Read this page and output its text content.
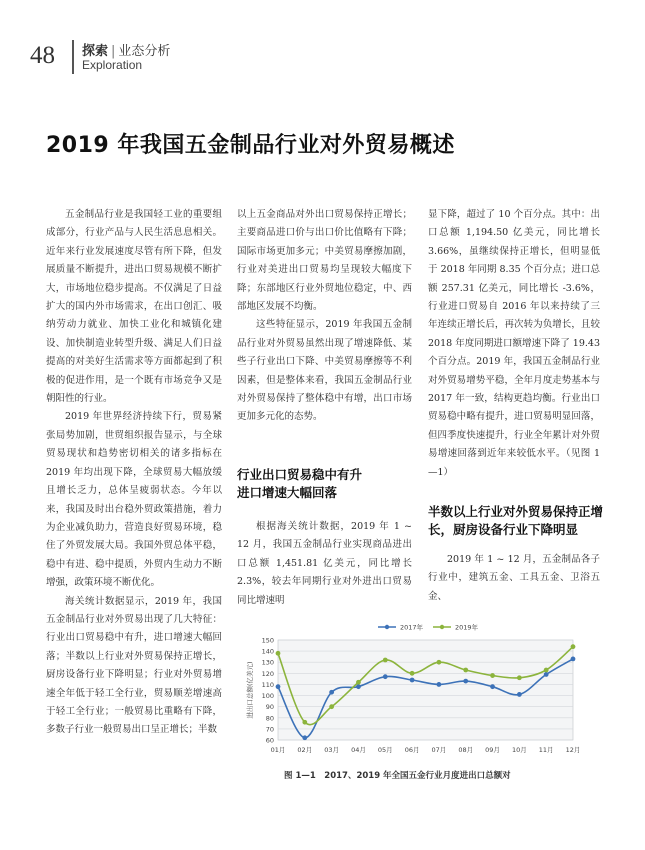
48 探索 | 业态分析
Exploration
2019 年我国五金制品行业对外贸易概述

五金制品行业是我国轻工业的重要组成部分，行业产品与人民生活息息相关。近年来行业发展速度尽管有所下降，但发展质量不断提升，进出口贸易规模不断扩大，市场地位稳步提高。不仅满足了日益扩大的国内外市场需求，在出口创汇、吸纳劳动力就业、加快工业化和城镇化建设、加快制造业转型升级、满足人们日益提高的对美好生活需求等方面都起到了积极的促进作用，是一个既有市场竞争又是朝阳性的行业。

2019 年世界经济持续下行，贸易紧张局势加剧，世贸组织报告显示，与全球贸易现状和趋势密切相关的诸多指标在 2019 年均出现下降，全球贸易大幅放缓且增长乏力，总体呈疲弱状态。今年以来，我国及时出台稳外贸政策措施，着力为企业减负助力，营造良好贸易环境，稳住了外贸发展大局。我国外贸总体平稳，稳中有进、稳中提质，外贸内生动力不断增强，政策环境不断优化。

海关统计数据显示，2019 年，我国五金制品行业对外贸易出现了几大特征：行业出口贸易稳中有升，进口增速大幅回落；半数以上行业对外贸易保持正增长，厨房设备行业下降明显；行业对外贸易增速全年低于轻工全行业，贸易顺差增速高于轻工全行业；一般贸易比重略有下降，多数子行业一般贸易出口呈正增长；半数

以上五金商品对外出口贸易保持正增长；主要商品进口价与出口价比值略有下降；国际市场更加多元；中美贸易摩擦加剧，行业对美进出口贸易均呈现较大幅度下降；东部地区行业外贸地位稳定，中、西部地区发展不均衡。

这些特征显示，2019 年我国五金制品行业对外贸易虽然出现了增速降低、某些子行业出口下降、中美贸易摩擦等不利因素，但是整体来看，我国五金制品行业对外贸易保持了整体稳中有增，出口市场更加多元化的态势。

行业出口贸易稳中有升
进口增速大幅回落

根据海关统计数据，2019 年 1 ~ 12 月，我国五金制品行业实现商品进出口总额 1,451.81 亿美元，同比增长 2.3%，较去年同期行业对外进出口贸易同比增速明

显下降，超过了 10 个百分点。其中：出口总额 1,194.50 亿美元，同比增长 3.66%，虽继续保持正增长，但明显低于 2018 年同期 8.35 个百分点；进口总额 257.31 亿美元，同比增长 -3.6%，行业进口贸易自 2016 年以来持续了三年连续正增长后，再次转为负增长，且较 2018 年度同期进口额增速下降了 19.43 个百分点。2019 年，我国五金制品行业对外贸易增势平稳，全年月度走势基本与 2017 年一致，结构更趋均衡。行业出口贸易稳中略有提升，进口贸易明显回落，但四季度快速提升，行业全年累计对外贸易增速回落到近年来较低水平。（见图 1—1）

半数以上行业对外贸易保持正增长，厨房设备行业下降明显

2019 年 1 ~ 12 月，五金制品各子行业中，建筑五金、工具五金、卫浴五金、

60
70
80
90
100
110
120
130
140
150
01月 02月 03月 04月 05月 06月 07月 08月 09月 10月 11月 12月
进出口总额(亿美元)
2017年	2019年
图 1—1　2017、2019 年全国五金行业月度进出口总额对
